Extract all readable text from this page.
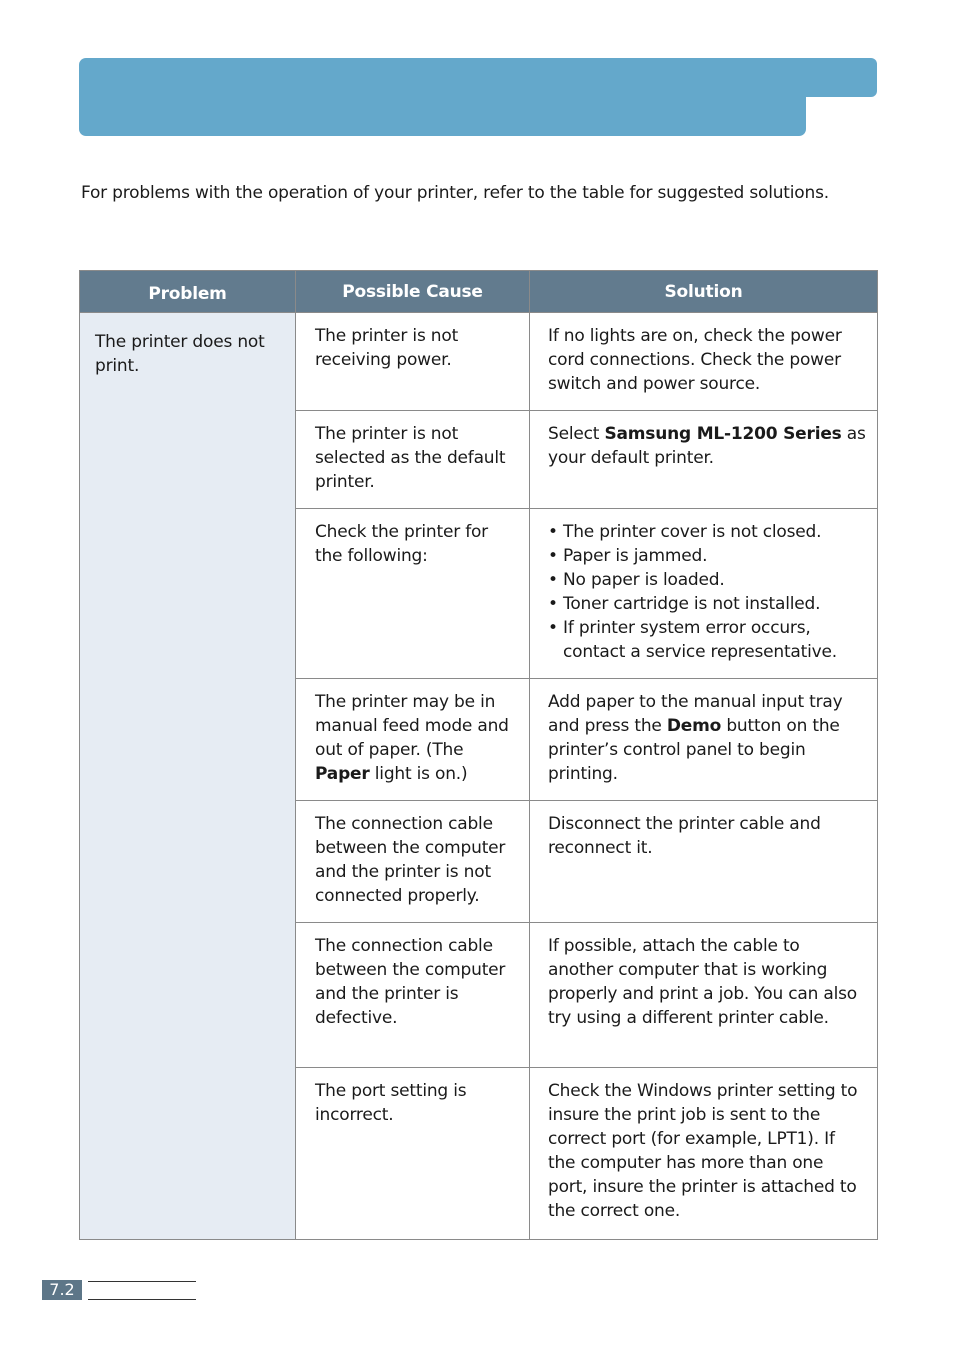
For problems with the operation of your printer, refer to the table for suggested solutions.

Problem	Possible Cause	Solution
The printer does not print.	The printer is not receiving power.	If no lights are on, check the power cord connections. Check the power switch and power source.
	The printer is not selected as the default printer.	Select Samsung ML-1200 Series as your default printer.
	Check the printer for the following:	• The printer cover is not closed.
• Paper is jammed.
• No paper is loaded.
• Toner cartridge is not installed.
• If printer system error occurs, contact a service representative.

	The printer may be in manual feed mode and out of paper. (The Paper light is on.)	Add paper to the manual input tray and press the Demo button on the printer’s control panel to begin printing.
	The connection cable between the computer and the printer is not connected properly.	Disconnect the printer cable and reconnect it.
	The connection cable between the computer and the printer is defective.	If possible, attach the cable to another computer that is working properly and print a job. You can also try using a different printer cable.
	The port setting is incorrect.	Check the Windows printer setting to insure the print job is sent to the correct port (for example, LPT1). If the computer has more than one port, insure the printer is attached to the correct one.
7.2
